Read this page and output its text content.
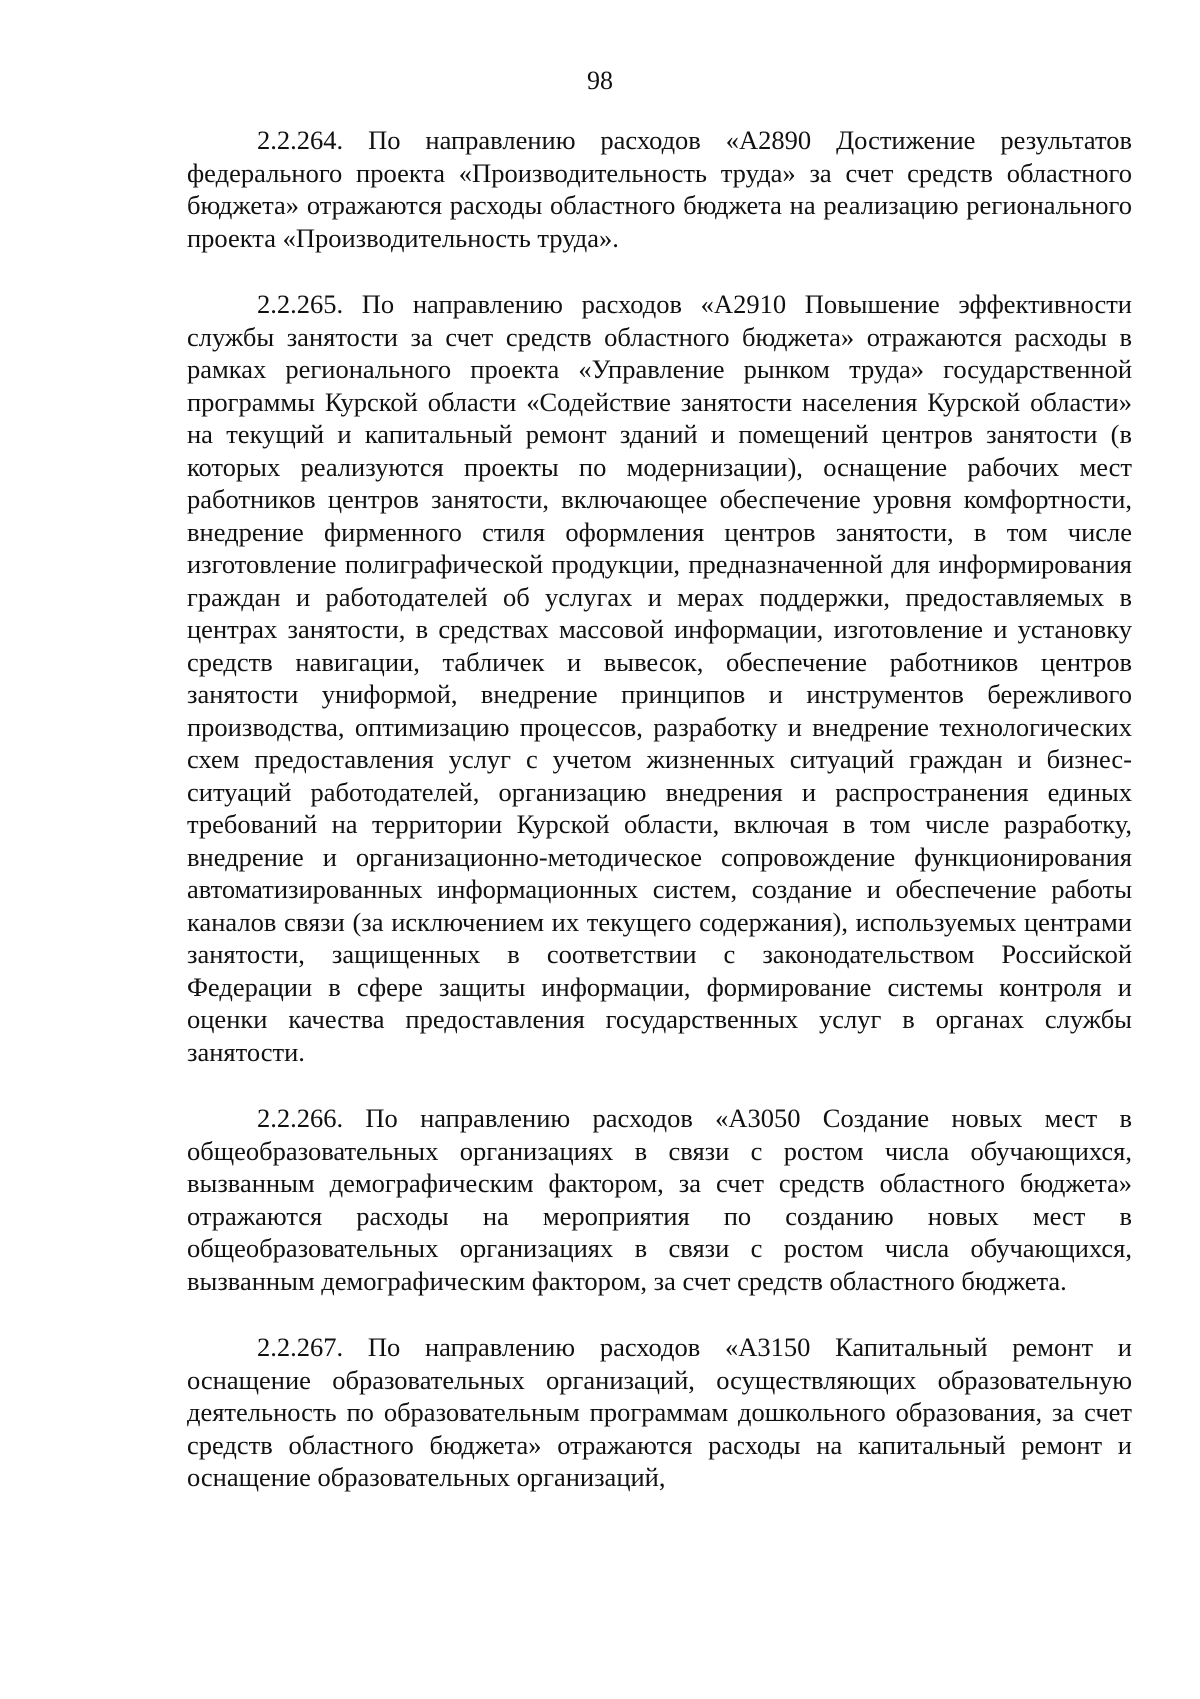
98

2.2.264. По направлению расходов «А2890 Достижение результатов федерального проекта «Производительность труда» за счет средств областного бюджета» отражаются расходы областного бюджета на реализацию регионального проекта «Производительность труда».

2.2.265. По направлению расходов «А2910 Повышение эффективности службы занятости за счет средств областного бюджета» отражаются расходы в рамках регионального проекта «Управление рынком труда» государственной программы Курской области «Содействие занятости населения Курской области» на текущий и капитальный ремонт зданий и помещений центров занятости (в которых реализуются проекты по модернизации), оснащение рабочих мест работников центров занятости, включающее обеспечение уровня комфортности, внедрение фирменного стиля оформления центров занятости, в том числе изготовление полиграфической продукции, предназначенной для информирования граждан и работодателей об услугах и мерах поддержки, предоставляемых в центрах занятости, в средствах массовой информации, изготовление и установку средств навигации, табличек и вывесок, обеспечение работников центров занятости униформой, внедрение принципов и инструментов бережливого производства, оптимизацию процессов, разработку и внедрение технологических схем предоставления услуг с учетом жизненных ситуаций граждан и бизнес-ситуаций работодателей, организацию внедрения и распространения единых требований на территории Курской области, включая в том числе разработку, внедрение и организационно-методическое сопровождение функционирования автоматизированных информационных систем, создание и обеспечение работы каналов связи (за исключением их текущего содержания), используемых центрами занятости, защищенных в соответствии с законодательством Российской Федерации в сфере защиты информации, формирование системы контроля и оценки качества предоставления государственных услуг в органах службы занятости.

2.2.266. По направлению расходов «А3050 Создание новых мест в общеобразовательных организациях в связи с ростом числа обучающихся, вызванным демографическим фактором, за счет средств областного бюджета» отражаются расходы на мероприятия по созданию новых мест в общеобразовательных организациях в связи с ростом числа обучающихся, вызванным демографическим фактором, за счет средств областного бюджета.

2.2.267. По направлению расходов «А3150 Капитальный ремонт и оснащение образовательных организаций, осуществляющих образовательную деятельность по образовательным программам дошкольного образования, за счет средств областного бюджета» отражаются расходы на капитальный ремонт и оснащение образовательных организаций,
